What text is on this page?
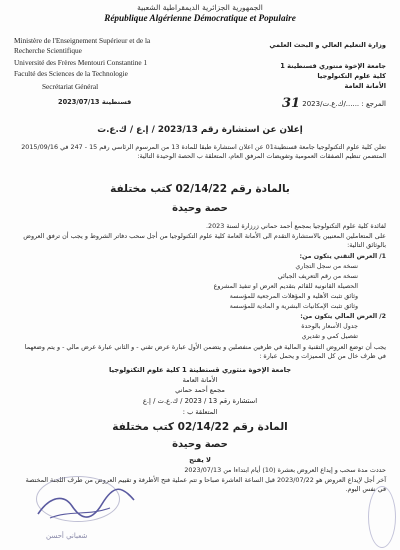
الجمهورية الجزائرية الديمقراطية الشعبية
République Algérienne Démocratique et Populaire
Ministère de l'Enseignement Supérieur et de la
Recherche Scientifique
Université des Frères Mentouri Constantine 1
Faculté des Sciences de la Technologie
Secrétariat Général
وزارة التعليم العالي و البحث العلمي
جامعة الإخوة منتوري قسنطينة 1
كلية علوم التكنولوجيا
الأمانة العامة
2023/07/13 قسنطينة	المرجع : ....../ك.ع.ت/2023 31
إعلان عن استشارة رقم 2023/13 / إ.ع / ك.ع.ت
تعلن كلية علوم التكنولوجيا جامعة قسنطينة01 عن اعلان استشارة طبقا للمادة 13 من المرسوم الرئاسي رقم 15 - 247 في 2015/09/16 المتضمن تنظيم الصفقات العمومية وتفويضات المرفق العام، المتعلقة ب الحصة الوحيدة التالية:
بالمادة رقم 02/14/22 كتب مختلفة
حصة وحيدة
لفائدة كلية علوم التكنولوجيا بمجمع أحمد حماني زرزارة لسنة 2023.
على المتعاملين المعنيين بالاستشارة التقدم الى الأمانة العامة كلية علوم التكنولوجيا من أجل سحب دفاتر الشروط و يجب أن ترفق العروض بالوثائق التالية:
1/ العرض التقني يتكون من:
نسخة من سجل التجاري
نسخة من رقم التعريف الجبائي
الحصيلة القانونية للقائم بتقديم العرض او تنفيذ المشروع
وثائق تثبت الأهلية و المؤهلات المرجعية للمؤسسة
وثائق تثبت الإمكانيات البشرية و المادية للمؤسسة
2/ العرض المالي يتكون من:
جدول الأسعار بالوحدة
تفصيل كمي و تقديري
يجب أن توضع العروض التقنية و المالية في ظرفين منفصلين و يتضمن الأول عبارة عرض تقني - و الثاني عبارة عرض مالي - و يتم وضعهما في ظرف خال من كل المميزات و يحمل عبارة :
جامعة الإخوة منتوري قسنطينة 1 كلية علوم التكنولوجيا
الأمانة العامة
مجمع أحمد حماني
استشارة رقم 13 / 2023 / ك.ع.ت / إ.ع
المتعلقة ب :
المادة رقم 02/14/22 كتب مختلفة
حصة وحيدة
لا يفتح
حددت مدة سحب و إيداع العروض بعشرة (10) أيام ابتداءا من 2023/07/13
آخر أجل لإيداع العروض هو 2023/07/22 قبل الساعة العاشرة صباحا و تتم عملية فتح الأظرفة و تقييم العروض من طرف اللجنة المختصة في نفس اليوم.
شعباني أحسن
